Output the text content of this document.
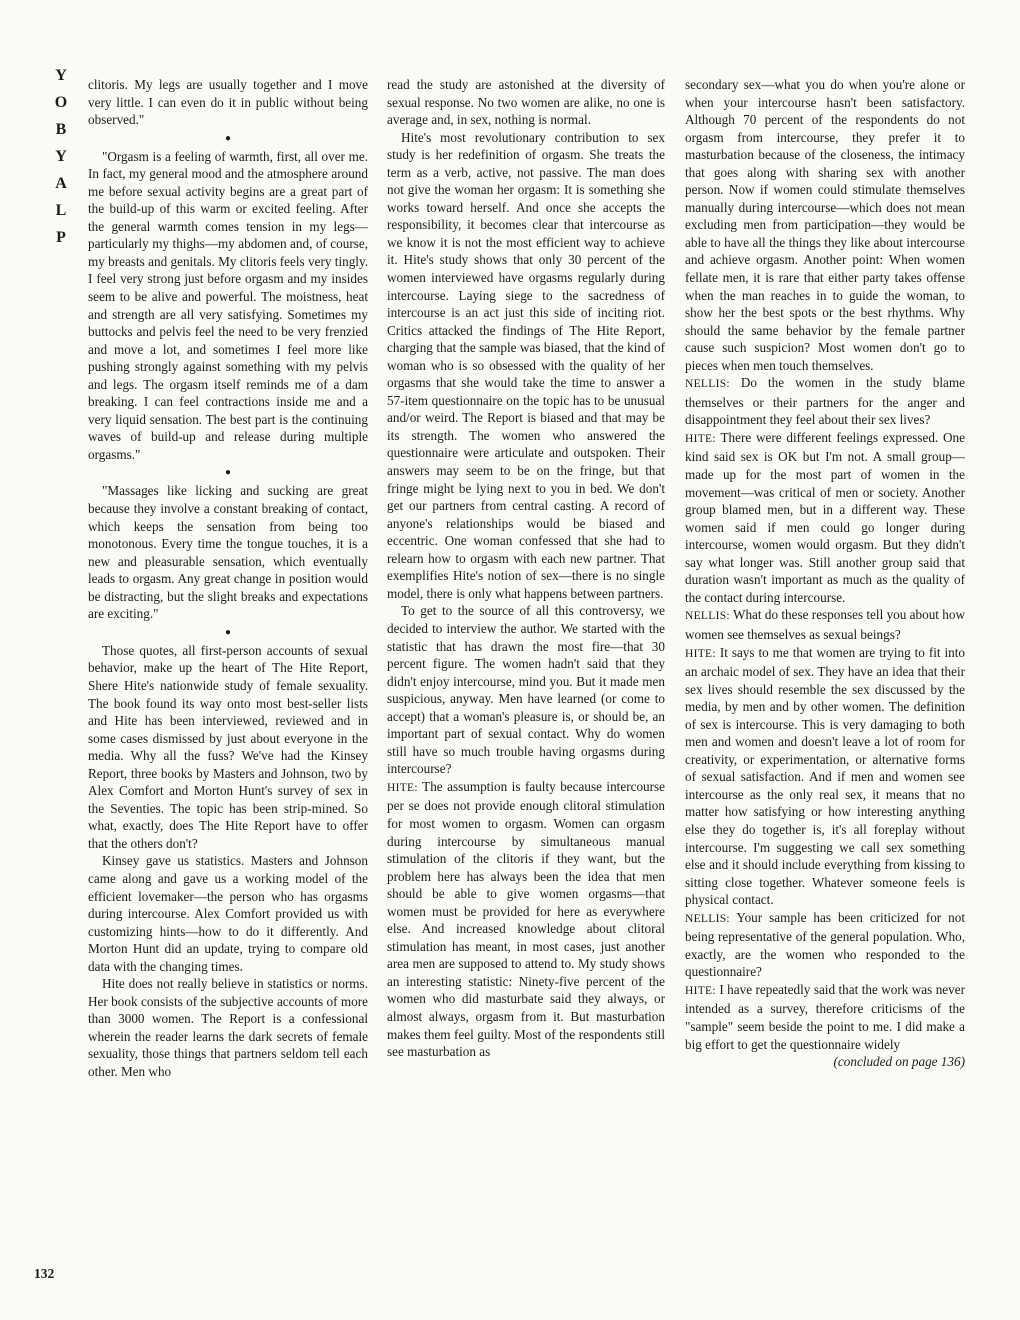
Y
O
B
Y
A
L
P

clitoris. My legs are usually together and I move very little. I can even do it in public without being observed."

●

"Orgasm is a feeling of warmth, first, all over me. In fact, my general mood and the atmosphere around me before sexual activity begins are a great part of the build-up of this warm or excited feeling. After the general warmth comes tension in my legs—particularly my thighs—my abdomen and, of course, my breasts and genitals. My clitoris feels very tingly. I feel very strong just before orgasm and my insides seem to be alive and powerful. The moistness, heat and strength are all very satisfying. Sometimes my buttocks and pelvis feel the need to be very frenzied and move a lot, and sometimes I feel more like pushing strongly against something with my pelvis and legs. The orgasm itself reminds me of a dam breaking. I can feel contractions inside me and a very liquid sensation. The best part is the continuing waves of build-up and release during multiple orgasms."

●

"Massages like licking and sucking are great because they involve a constant breaking of contact, which keeps the sensation from being too monotonous. Every time the tongue touches, it is a new and pleasurable sensation, which eventually leads to orgasm. Any great change in position would be distracting, but the slight breaks and expectations are exciting."

●

Those quotes, all first-person accounts of sexual behavior, make up the heart of The Hite Report, Shere Hite's nationwide study of female sexuality. The book found its way onto most best-seller lists and Hite has been interviewed, reviewed and in some cases dismissed by just about everyone in the media. Why all the fuss? We've had the Kinsey Report, three books by Masters and Johnson, two by Alex Comfort and Morton Hunt's survey of sex in the Seventies. The topic has been strip-mined. So what, exactly, does The Hite Report have to offer that the others don't?

Kinsey gave us statistics. Masters and Johnson came along and gave us a working model of the efficient lovemaker—the person who has orgasms during intercourse. Alex Comfort provided us with customizing hints—how to do it differently. And Morton Hunt did an update, trying to compare old data with the changing times.

Hite does not really believe in statistics or norms. Her book consists of the subjective accounts of more than 3000 women. The Report is a confessional wherein the reader learns the dark secrets of female sexuality, those things that partners seldom tell each other. Men who

read the study are astonished at the diversity of sexual response. No two women are alike, no one is average and, in sex, nothing is normal.

Hite's most revolutionary contribution to sex study is her redefinition of orgasm. She treats the term as a verb, active, not passive. The man does not give the woman her orgasm: It is something she works toward herself. And once she accepts the responsibility, it becomes clear that intercourse as we know it is not the most efficient way to achieve it. Hite's study shows that only 30 percent of the women interviewed have orgasms regularly during intercourse. Laying siege to the sacredness of intercourse is an act just this side of inciting riot. Critics attacked the findings of The Hite Report, charging that the sample was biased, that the kind of woman who is so obsessed with the quality of her orgasms that she would take the time to answer a 57-item questionnaire on the topic has to be unusual and/or weird. The Report is biased and that may be its strength. The women who answered the questionnaire were articulate and outspoken. Their answers may seem to be on the fringe, but that fringe might be lying next to you in bed. We don't get our partners from central casting. A record of anyone's relationships would be biased and eccentric. One woman confessed that she had to relearn how to orgasm with each new partner. That exemplifies Hite's notion of sex—there is no single model, there is only what happens between partners.

To get to the source of all this controversy, we decided to interview the author. We started with the statistic that has drawn the most fire—that 30 percent figure. The women hadn't said that they didn't enjoy intercourse, mind you. But it made men suspicious, anyway. Men have learned (or come to accept) that a woman's pleasure is, or should be, an important part of sexual contact. Why do women still have so much trouble having orgasms during intercourse?

HITE: The assumption is faulty because intercourse per se does not provide enough clitoral stimulation for most women to orgasm. Women can orgasm during intercourse by simultaneous manual stimulation of the clitoris if they want, but the problem here has always been the idea that men should be able to give women orgasms—that women must be provided for here as everywhere else. And increased knowledge about clitoral stimulation has meant, in most cases, just another area men are supposed to attend to. My study shows an interesting statistic: Ninety-five percent of the women who did masturbate said they always, or almost always, orgasm from it. But masturbation makes them feel guilty. Most of the respondents still see masturbation as

secondary sex—what you do when you're alone or when your intercourse hasn't been satisfactory. Although 70 percent of the respondents do not orgasm from intercourse, they prefer it to masturbation because of the closeness, the intimacy that goes along with sharing sex with another person. Now if women could stimulate themselves manually during intercourse—which does not mean excluding men from participation—they would be able to have all the things they like about intercourse and achieve orgasm. Another point: When women fellate men, it is rare that either party takes offense when the man reaches in to guide the woman, to show her the best spots or the best rhythms. Why should the same behavior by the female partner cause such suspicion? Most women don't go to pieces when men touch themselves.

NELLIS: Do the women in the study blame themselves or their partners for the anger and disappointment they feel about their sex lives?

HITE: There were different feelings expressed. One kind said sex is OK but I'm not. A small group—made up for the most part of women in the movement—was critical of men or society. Another group blamed men, but in a different way. These women said if men could go longer during intercourse, women would orgasm. But they didn't say what longer was. Still another group said that duration wasn't important as much as the quality of the contact during intercourse.

NELLIS: What do these responses tell you about how women see themselves as sexual beings?

HITE: It says to me that women are trying to fit into an archaic model of sex. They have an idea that their sex lives should resemble the sex discussed by the media, by men and by other women. The definition of sex is intercourse. This is very damaging to both men and women and doesn't leave a lot of room for creativity, or experimentation, or alternative forms of sexual satisfaction. And if men and women see intercourse as the only real sex, it means that no matter how satisfying or how interesting anything else they do together is, it's all foreplay without intercourse. I'm suggesting we call sex something else and it should include everything from kissing to sitting close together. Whatever someone feels is physical contact.

NELLIS: Your sample has been criticized for not being representative of the general population. Who, exactly, are the women who responded to the questionnaire?

HITE: I have repeatedly said that the work was never intended as a survey, therefore criticisms of the "sample" seem beside the point to me. I did make a big effort to get the questionnaire widely

(concluded on page 136)

132
